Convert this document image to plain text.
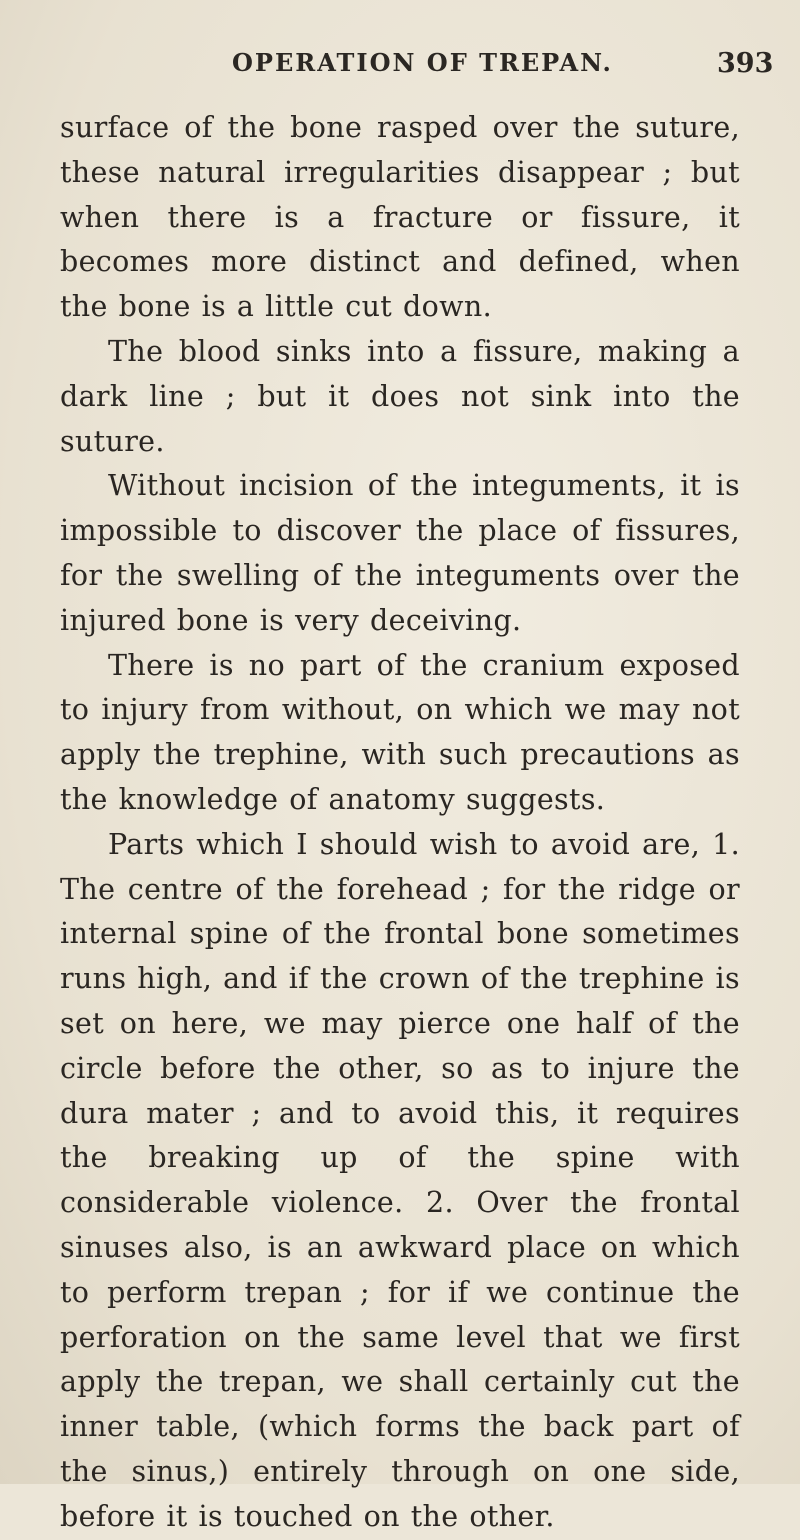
OPERATION OF TREPAN.	393

surface of the bone rasped over the suture, these natural irregularities disappear ; but when there is a fracture or fissure, it becomes more distinct and defined, when the bone is a little cut down.

The blood sinks into a fissure, making a dark line ; but it does not sink into the suture.

Without incision of the integuments, it is impossible to discover the place of fissures, for the swelling of the integuments over the injured bone is very deceiving.

There is no part of the cranium exposed to injury from without, on which we may not apply the trephine, with such precautions as the knowledge of anatomy suggests.

Parts which I should wish to avoid are, 1. The centre of the forehead ; for the ridge or internal spine of the frontal bone sometimes runs high, and if the crown of the trephine is set on here, we may pierce one half of the circle before the other, so as to injure the dura mater ; and to avoid this, it requires the breaking up of the spine with considerable violence. 2. Over the frontal sinuses also, is an awkward place on which to perform trepan ; for if we continue the perforation on the same level that we first apply the trepan, we shall certainly cut the inner table, (which forms the back part of the sinus,) entirely through on one side, before it is touched on the other.
